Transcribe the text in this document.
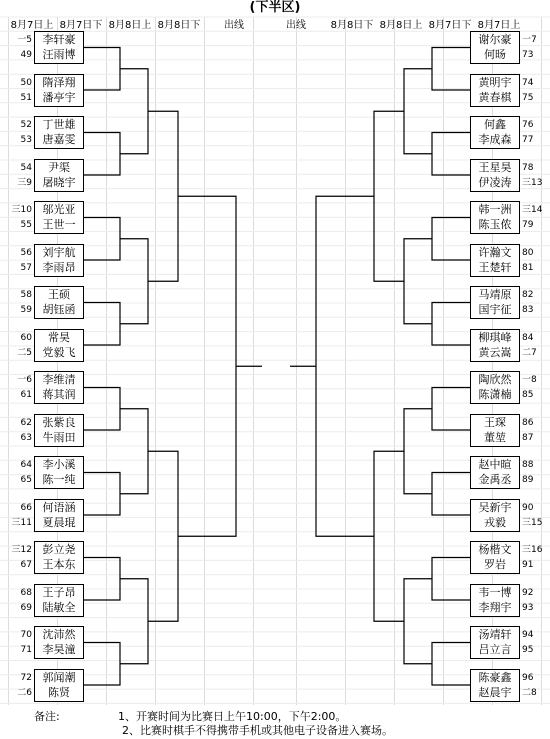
(下半区)
8月7日上 8月7日下 8月8日上 8月8日下	出线	出线	8月8日下 8月8日上 8月7日下 8月7日上
李轩豪
一5
汪雨博
49
隋泽翔
50
潘亭宇
51
丁世雄
52
唐嘉雯
53
尹渠
54
屠晓宇
三9
邬光亚
三10
王世一
55
刘宇航
56
李雨昂
57
王硕
58
胡钰函
59
常昊
60
党毅飞
二5
李维清
一6
蒋其润
61
张紫良
62
牛雨田
63
李小溪
64
陈一纯
65
何语涵
66
夏晨琨
三11
彭立尧
三12
王本东
67
王子昂
68
陆敏全
69
沈沛然
70
李昊潼
71
郭闻潮
72
陈贤
二6
谢尔豪	一7
何旸	73
黄明宇	74
黄春棋	75
何鑫	76
李成森	77
王星昊	78
伊凌涛	三13
韩一洲	三14
陈玉侬	79
许瀚文	80
王楚轩	81
马靖原	82
国宇征	83
柳琪峰	84
黄云嵩	二7
陶欣然	一8
陈潇楠	85
王琛	86
董堃	87
赵中暄	88
金禹丞	89
吴新宇	90
戎毅	三15
杨楷文	三16
罗岩	91
韦一博	92
李翔宇	93
汤靖轩	94
吕立言	95
陈豪鑫	96
赵晨宇	二8
备注:	1、开赛时间为比赛日上午10:00，下午2:00。
2、比赛时棋手不得携带手机或其他电子设备进入赛场。
